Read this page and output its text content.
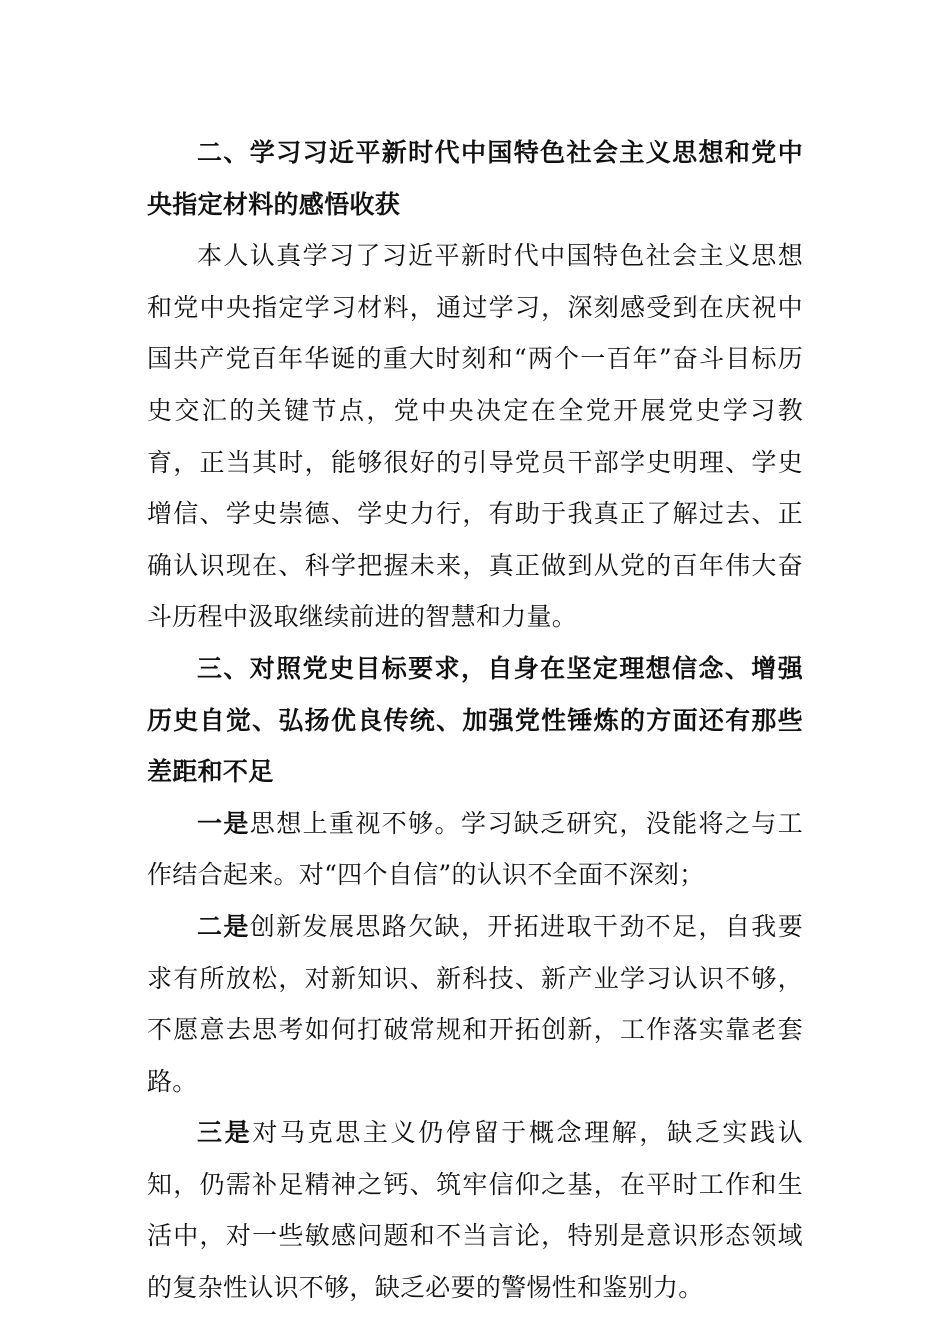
二、学习习近平新时代中国特色社会主义思想和党中央指定材料的感悟收获

本人认真学习了习近平新时代中国特色社会主义思想和党中央指定学习材料，通过学习，深刻感受到在庆祝中国共产党百年华诞的重大时刻和“两个一百年”奋斗目标历史交汇的关键节点，党中央决定在全党开展党史学习教育，正当其时，能够很好的引导党员干部学史明理、学史增信、学史崇德、学史力行，有助于我真正了解过去、正确认识现在、科学把握未来，真正做到从党的百年伟大奋斗历程中汲取继续前进的智慧和力量。

三、对照党史目标要求，自身在坚定理想信念、增强历史自觉、弘扬优良传统、加强党性锤炼的方面还有那些差距和不足

一是思想上重视不够。学习缺乏研究，没能将之与工作结合起来。对“四个自信”的认识不全面不深刻；

二是创新发展思路欠缺，开拓进取干劲不足，自我要求有所放松，对新知识、新科技、新产业学习认识不够，不愿意去思考如何打破常规和开拓创新，工作落实靠老套路。

三是对马克思主义仍停留于概念理解，缺乏实践认知，仍需补足精神之钙、筑牢信仰之基，在平时工作和生活中，对一些敏感问题和不当言论，特别是意识形态领域的复杂性认识不够，缺乏必要的警惕性和鉴别力。
